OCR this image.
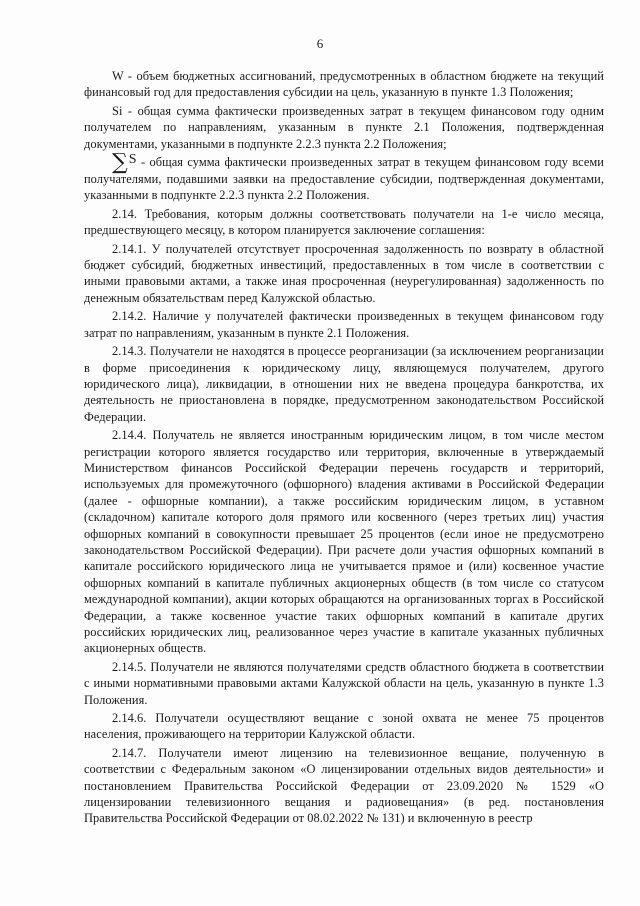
6

W - объем бюджетных ассигнований, предусмотренных в областном бюджете на текущий финансовый год для предоставления субсидии на цель, указанную в пункте 1.3 Положения;

Si - общая сумма фактически произведенных затрат в текущем финансовом году одним получателем по направлениям, указанным в пункте 2.1 Положения, подтвержденная документами, указанными в подпункте 2.2.3 пункта 2.2 Положения;

∑S - общая сумма фактически произведенных затрат в текущем финансовом году всеми получателями, подавшими заявки на предоставление субсидии, подтвержденная документами, указанными в подпункте 2.2.3 пункта 2.2 Положения.

2.14. Требования, которым должны соответствовать получатели на 1-е число месяца, предшествующего месяцу, в котором планируется заключение соглашения:

2.14.1. У получателей отсутствует просроченная задолженность по возврату в областной бюджет субсидий, бюджетных инвестиций, предоставленных в том числе в соответствии с иными правовыми актами, а также иная просроченная (неурегулированная) задолженность по денежным обязательствам перед Калужской областью.

2.14.2. Наличие у получателей фактически произведенных в текущем финансовом году затрат по направлениям, указанным в пункте 2.1 Положения.

2.14.3. Получатели не находятся в процессе реорганизации (за исключением реорганизации в форме присоединения к юридическому лицу, являющемуся получателем, другого юридического лица), ликвидации, в отношении них не введена процедура банкротства, их деятельность не приостановлена в порядке, предусмотренном законодательством Российской Федерации.

2.14.4. Получатель не является иностранным юридическим лицом, в том числе местом регистрации которого является государство или территория, включенные в утверждаемый Министерством финансов Российской Федерации перечень государств и территорий, используемых для промежуточного (офшорного) владения активами в Российской Федерации (далее - офшорные компании), а также российским юридическим лицом, в уставном (складочном) капитале которого доля прямого или косвенного (через третьих лиц) участия офшорных компаний в совокупности превышает 25 процентов (если иное не предусмотрено законодательством Российской Федерации). При расчете доли участия офшорных компаний в капитале российского юридического лица не учитывается прямое и (или) косвенное участие офшорных компаний в капитале публичных акционерных обществ (в том числе со статусом международной компании), акции которых обращаются на организованных торгах в Российской Федерации, а также косвенное участие таких офшорных компаний в капитале других российских юридических лиц, реализованное через участие в капитале указанных публичных акционерных обществ.

2.14.5. Получатели не являются получателями средств областного бюджета в соответствии с иными нормативными правовыми актами Калужской области на цель, указанную в пункте 1.3 Положения.

2.14.6. Получатели осуществляют вещание с зоной охвата не менее 75 процентов населения, проживающего на территории Калужской области.

2.14.7. Получатели имеют лицензию на телевизионное вещание, полученную в соответствии с Федеральным законом «О лицензировании отдельных видов деятельности» и постановлением Правительства Российской Федерации от 23.09.2020 № 1529 «О лицензировании телевизионного вещания и радиовещания» (в ред. постановления Правительства Российской Федерации от 08.02.2022 № 131) и включенную в реестр
